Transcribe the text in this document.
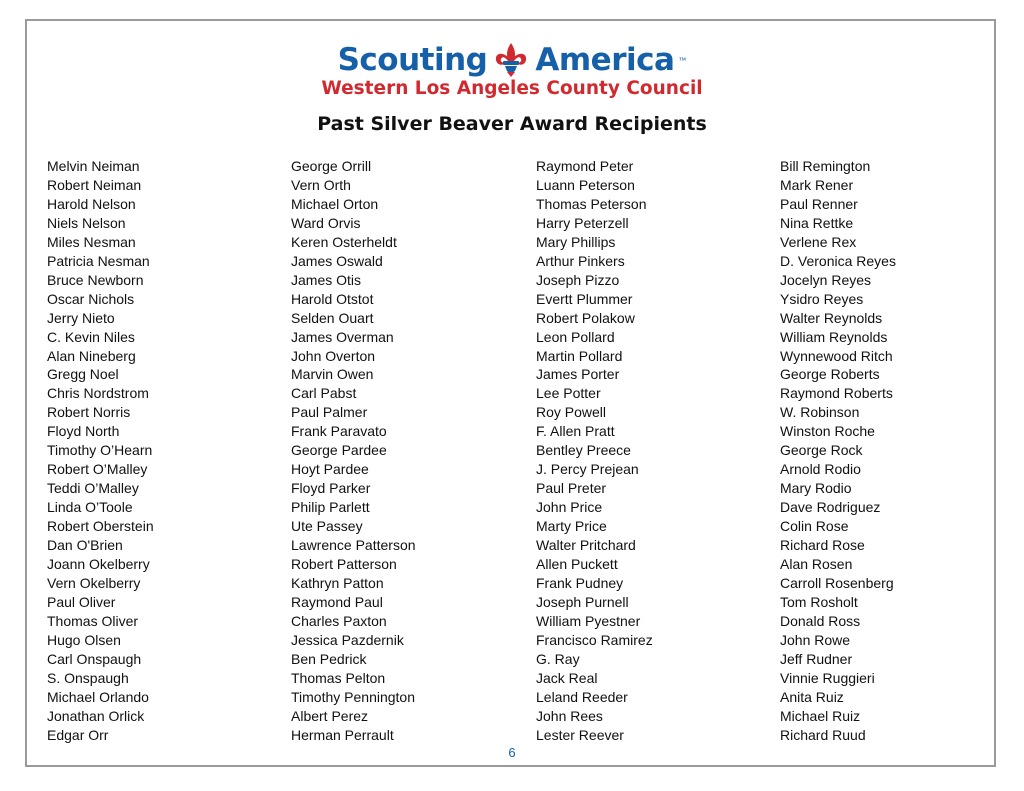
Scouting America ™
Western Los Angeles County Council
Past Silver Beaver Award Recipients
Melvin Neiman
Robert Neiman
Harold Nelson
Niels Nelson
Miles Nesman
Patricia Nesman
Bruce Newborn
Oscar Nichols
Jerry Nieto
C. Kevin Niles
Alan Nineberg
Gregg Noel
Chris Nordstrom
Robert Norris
Floyd North
Timothy O’Hearn
Robert O’Malley
Teddi O’Malley
Linda O’Toole
Robert Oberstein
Dan O'Brien
Joann Okelberry
Vern Okelberry
Paul Oliver
Thomas Oliver
Hugo Olsen
Carl Onspaugh
S. Onspaugh
Michael Orlando
Jonathan Orlick
Edgar Orr
George Orrill
Vern Orth
Michael Orton
Ward Orvis
Keren Osterheldt
James Oswald
James Otis
Harold Otstot
Selden Ouart
James Overman
John Overton
Marvin Owen
Carl Pabst
Paul Palmer
Frank Paravato
George Pardee
Hoyt Pardee
Floyd Parker
Philip Parlett
Ute Passey
Lawrence Patterson
Robert Patterson
Kathryn Patton
Raymond Paul
Charles Paxton
Jessica Pazdernik
Ben Pedrick
Thomas Pelton
Timothy Pennington
Albert Perez
Herman Perrault
Raymond Peter
Luann Peterson
Thomas Peterson
Harry Peterzell
Mary Phillips
Arthur Pinkers
Joseph Pizzo
Evertt Plummer
Robert Polakow
Leon Pollard
Martin Pollard
James Porter
Lee Potter
Roy Powell
F. Allen Pratt
Bentley Preece
J. Percy Prejean
Paul Preter
John Price
Marty Price
Walter Pritchard
Allen Puckett
Frank Pudney
Joseph Purnell
William Pyestner
Francisco Ramirez
G. Ray
Jack Real
Leland Reeder
John Rees
Lester Reever
Bill Remington
Mark Rener
Paul Renner
Nina Rettke
Verlene Rex
D. Veronica Reyes
Jocelyn Reyes
Ysidro Reyes
Walter Reynolds
William Reynolds
Wynnewood Ritch
George Roberts
Raymond Roberts
W. Robinson
Winston Roche
George Rock
Arnold Rodio
Mary Rodio
Dave Rodriguez
Colin Rose
Richard Rose
Alan Rosen
Carroll Rosenberg
Tom Rosholt
Donald Ross
John Rowe
Jeff Rudner
Vinnie Ruggieri
Anita Ruiz
Michael Ruiz
Richard Ruud
6
